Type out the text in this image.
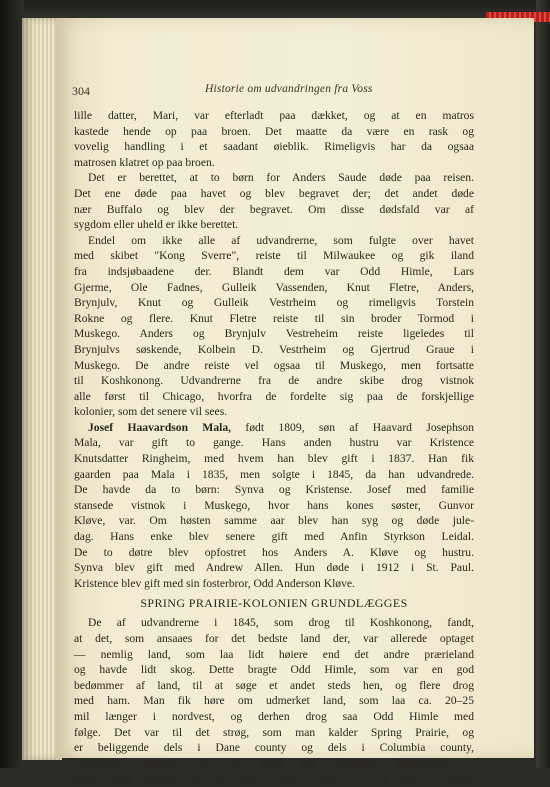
304	Historie om udvandringen fra Voss
lille datter, Mari, var efterladt paa dækket, og at en matros
kastede hende op paa broen. Det maatte da være en rask og
vovelig handling i et saadant øieblik. Rimeligvis har da ogsaa
matrosen klatret op paa broen.
Det er berettet, at to børn for Anders Saude døde paa reisen.
Det ene døde paa havet og blev begravet der; det andet døde
nær Buffalo og blev der begravet. Om disse dødsfald var af
sygdom eller uheld er ikke berettet.
Endel om ikke alle af udvandrerne, som fulgte over havet
med skibet "Kong Sverre", reiste til Milwaukee og gik iland
fra indsjøbaadene der. Blandt dem var Odd Himle, Lars
Gjerme, Ole Fadnes, Gulleik Vassenden, Knut Fletre, Anders,
Brynjulv, Knut og Gulleik Vestrheim og rimeligvis Torstein
Rokne og flere. Knut Fletre reiste til sin broder Tormod i
Muskego. Anders og Brynjulv Vestreheim reiste ligeledes til
Brynjulvs søskende, Kolbein D. Vestrheim og Gjertrud Graue i
Muskego. De andre reiste vel ogsaa til Muskego, men fortsatte
til Koshkonong. Udvandrerne fra de andre skibe drog vistnok
alle først til Chicago, hvorfra de fordelte sig paa de forskjellige
kolonier, som det senere vil sees.
Josef Haavardson Mala, født 1809, søn af Haavard Josephson
Mala, var gift to gange. Hans anden hustru var Kristence
Knutsdatter Ringheim, med hvem han blev gift i 1837. Han fik
gaarden paa Mala i 1835, men solgte i 1845, da han udvandrede.
De havde da to børn: Synva og Kristense. Josef med familie
stansede vistnok i Muskego, hvor hans kones søster, Gunvor
Kløve, var. Om høsten samme aar blev han syg og døde jule-
dag. Hans enke blev senere gift med Anfin Styrkson Leidal.
De to døtre blev opfostret hos Anders A. Kløve og hustru.
Synva blev gift med Andrew Allen. Hun døde i 1912 i St. Paul.
Kristence blev gift med sin fosterbror, Odd Anderson Kløve.
SPRING PRAIRIE-KOLONIEN GRUNDLÆGGES
De af udvandrerne i 1845, som drog til Koshkonong, fandt,
at det, som ansaaes for det bedste land der, var allerede optaget
— nemlig land, som laa lidt høiere end det andre prærieland
og havde lidt skog. Dette bragte Odd Himle, som var en god
bedømmer af land, til at søge et andet steds hen, og flere drog
med ham. Man fik høre om udmerket land, som laa ca. 20–25
mil længer i nordvest, og derhen drog saa Odd Himle med
følge. Det var til det strøg, som man kalder Spring Prairie, og
er beliggende dels i Dane county og dels i Columbia county,
Wisconsin, omtrent 18 mil nord for Madison. Midtpunktet i
dette strøg ansees for at være Leeds Center — et sted i Leeds
